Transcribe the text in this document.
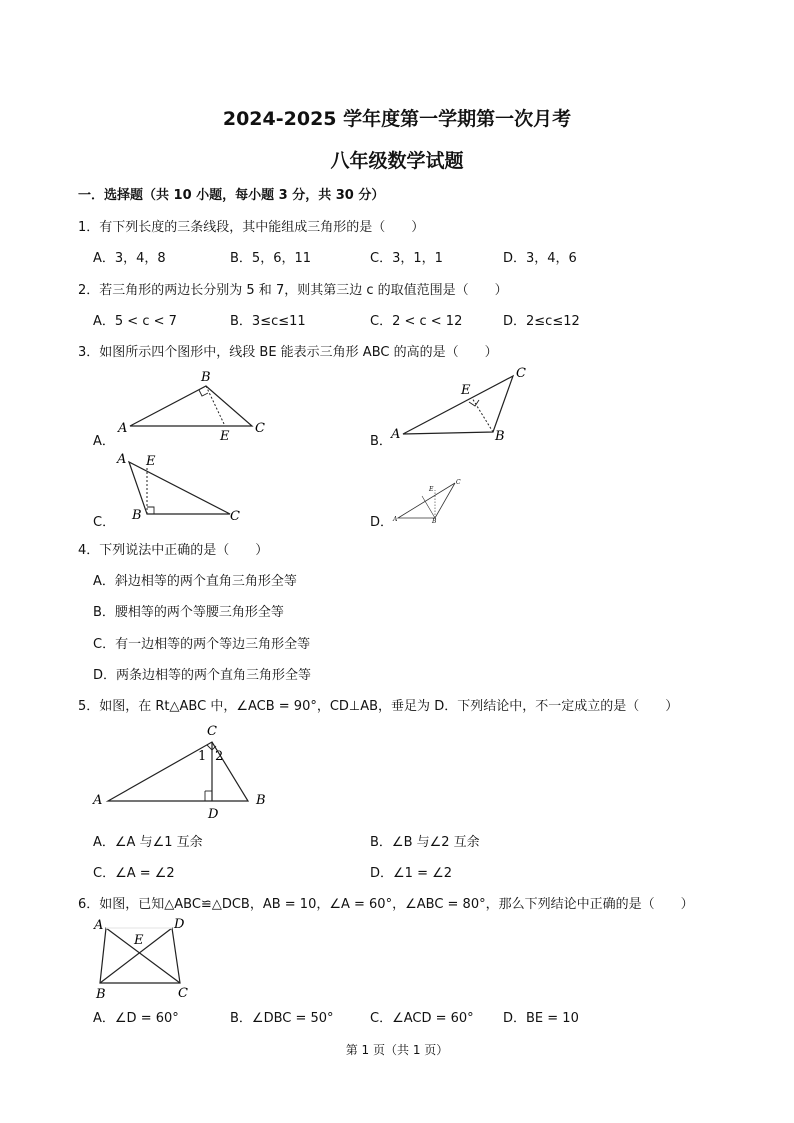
2024-2025 学年度第一学期第一次月考
八年级数学试题
一．选择题（共 10 小题，每小题 3 分，共 30 分）
1．有下列长度的三条线段，其中能组成三角形的是（　　）
A．3，4，8	B．5，6，11	C．3，1，1	D．3，4，6
2．若三角形的两边长分别为 5 和 7，则其第三边 c 的取值范围是（　　）
A．5 < c < 7	B．3≤c≤11	C．2 < c < 12	D．2≤c≤12
3．如图所示四个图形中，线段 BE 能表示三角形 ABC 的高的是（　　）
A．
A
B
C
E	B． A	B
C
E
C．
A
B	C
E
D． A	B
C
E
4．下列说法中正确的是（　　）
A．斜边相等的两个直角三角形全等
B．腰相等的两个等腰三角形全等
C．有一边相等的两个等边三角形全等
D．两条边相等的两个直角三角形全等
5．如图，在 Rt△ABC 中，∠ACB = 90°，CD⊥AB，垂足为 D．下列结论中，不一定成立的是（　　）
A	B
C
D
1 2
A．∠A 与∠1 互余	B．∠B 与∠2 互余
C．∠A = ∠2	D．∠1 = ∠2
6．如图，已知△ABC≌△DCB，AB = 10，∠A = 60°，∠ABC = 80°，那么下列结论中正确的是（　　）
A
B	C
D
E
A．∠D = 60°	B．∠DBC = 50°	C．∠ACD = 60° D．BE = 10
第 1 页（共 1 页）
